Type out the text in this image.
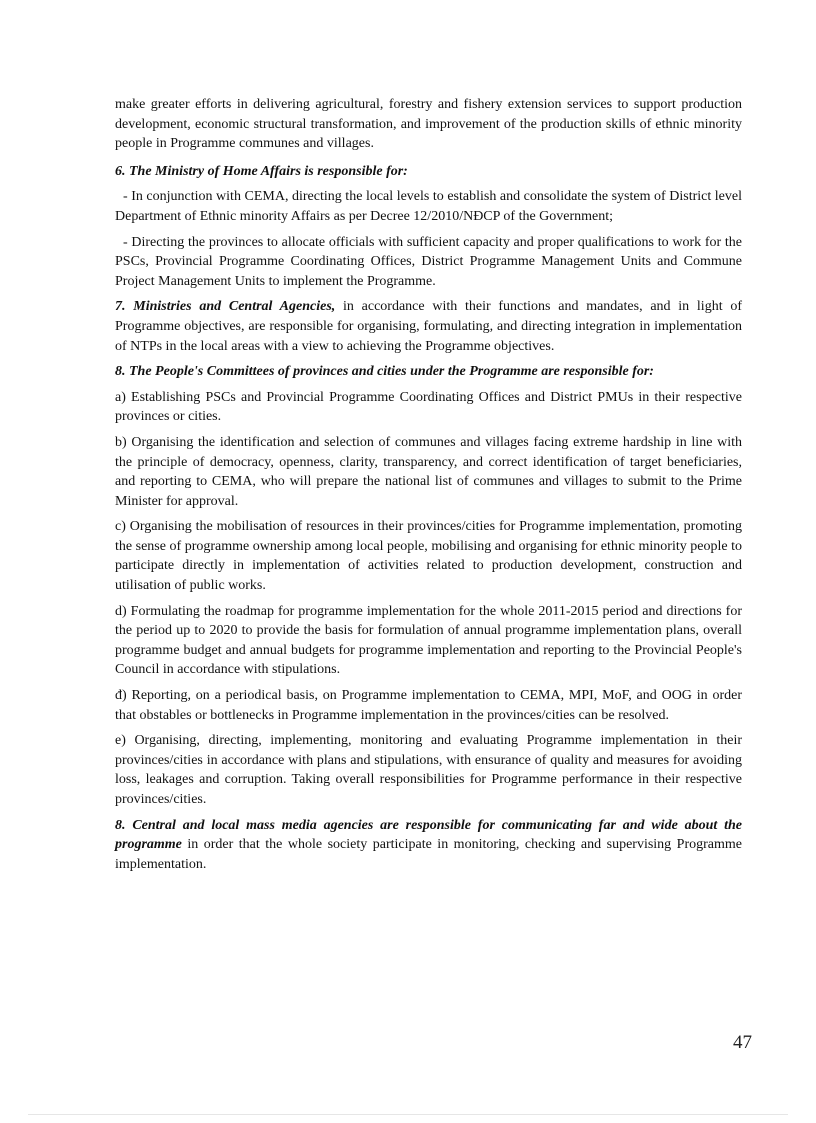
make greater efforts in delivering agricultural, forestry and fishery extension services to support production development, economic structural transformation, and improvement of the production skills of ethnic minority people in Programme communes and villages.

6. The Ministry of Home Affairs is responsible for:

- In conjunction with CEMA, directing the local levels to establish and consolidate the system of District level Department of Ethnic minority Affairs as per Decree 12/2010/NĐCP of the Government;

- Directing the provinces to allocate officials with sufficient capacity and proper qualifications to work for the PSCs, Provincial Programme Coordinating Offices, District Programme Management Units and Commune Project Management Units to implement the Programme.

7. Ministries and Central Agencies, in accordance with their functions and mandates, and in light of Programme objectives, are responsible for organising, formulating, and directing integration in implementation of NTPs in the local areas with a view to achieving the Programme objectives.

8. The People's Committees of provinces and cities under the Programme are responsible for:

a) Establishing PSCs and Provincial Programme Coordinating Offices and District PMUs in their respective provinces or cities.

b) Organising the identification and selection of communes and villages facing extreme hardship in line with the principle of democracy, openness, clarity, transparency, and correct identification of target beneficiaries, and reporting to CEMA, who will prepare the national list of communes and villages to submit to the Prime Minister for approval.

c) Organising the mobilisation of resources in their provinces/cities for Programme implementation, promoting the sense of programme ownership among local people, mobilising and organising for ethnic minority people to participate directly in implementation of activities related to production development, construction and utilisation of public works.

d) Formulating the roadmap for programme implementation for the whole 2011-2015 period and directions for the period up to 2020 to provide the basis for formulation of annual programme implementation plans, overall programme budget and annual budgets for programme implementation and reporting to the Provincial People's Council in accordance with stipulations.

đ) Reporting, on a periodical basis, on Programme implementation to CEMA, MPI, MoF, and OOG in order that obstables or bottlenecks in Programme implementation in the provinces/cities can be resolved.

e) Organising, directing, implementing, monitoring and evaluating Programme implementation in their provinces/cities in accordance with plans and stipulations, with ensurance of quality and measures for avoiding loss, leakages and corruption. Taking overall responsibilities for Programme performance in their respective provinces/cities.

8. Central and local mass media agencies are responsible for communicating far and wide about the programme in order that the whole society participate in monitoring, checking and supervising Programme implementation.

47
